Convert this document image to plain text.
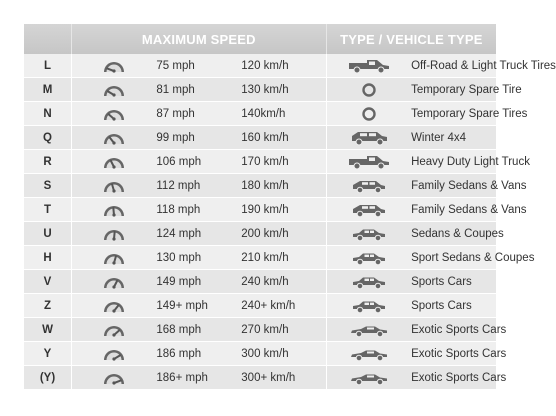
	MAXIMUM SPEED			TYPE / VEHICLE TYPE	
L		75 mph	120 km/h		Off-Road & Light Truck Tires
M		81 mph	130 km/h		Temporary Spare Tire
N		87 mph	140km/h		Temporary Spare Tires
Q		99 mph	160 km/h		Winter 4x4
R		106 mph	170 km/h		Heavy Duty Light Truck
S		112 mph	180 km/h		Family Sedans & Vans
T		118 mph	190 km/h		Family Sedans & Vans
U		124 mph	200 km/h		Sedans & Coupes
H		130 mph	210 km/h		Sport Sedans & Coupes
V		149 mph	240 km/h		Sports Cars
Z		149+ mph	240+ km/h		Sports Cars
W		168 mph	270 km/h		Exotic Sports Cars
Y		186 mph	300 km/h		Exotic Sports Cars
(Y)		186+ mph	300+ km/h		Exotic Sports Cars
